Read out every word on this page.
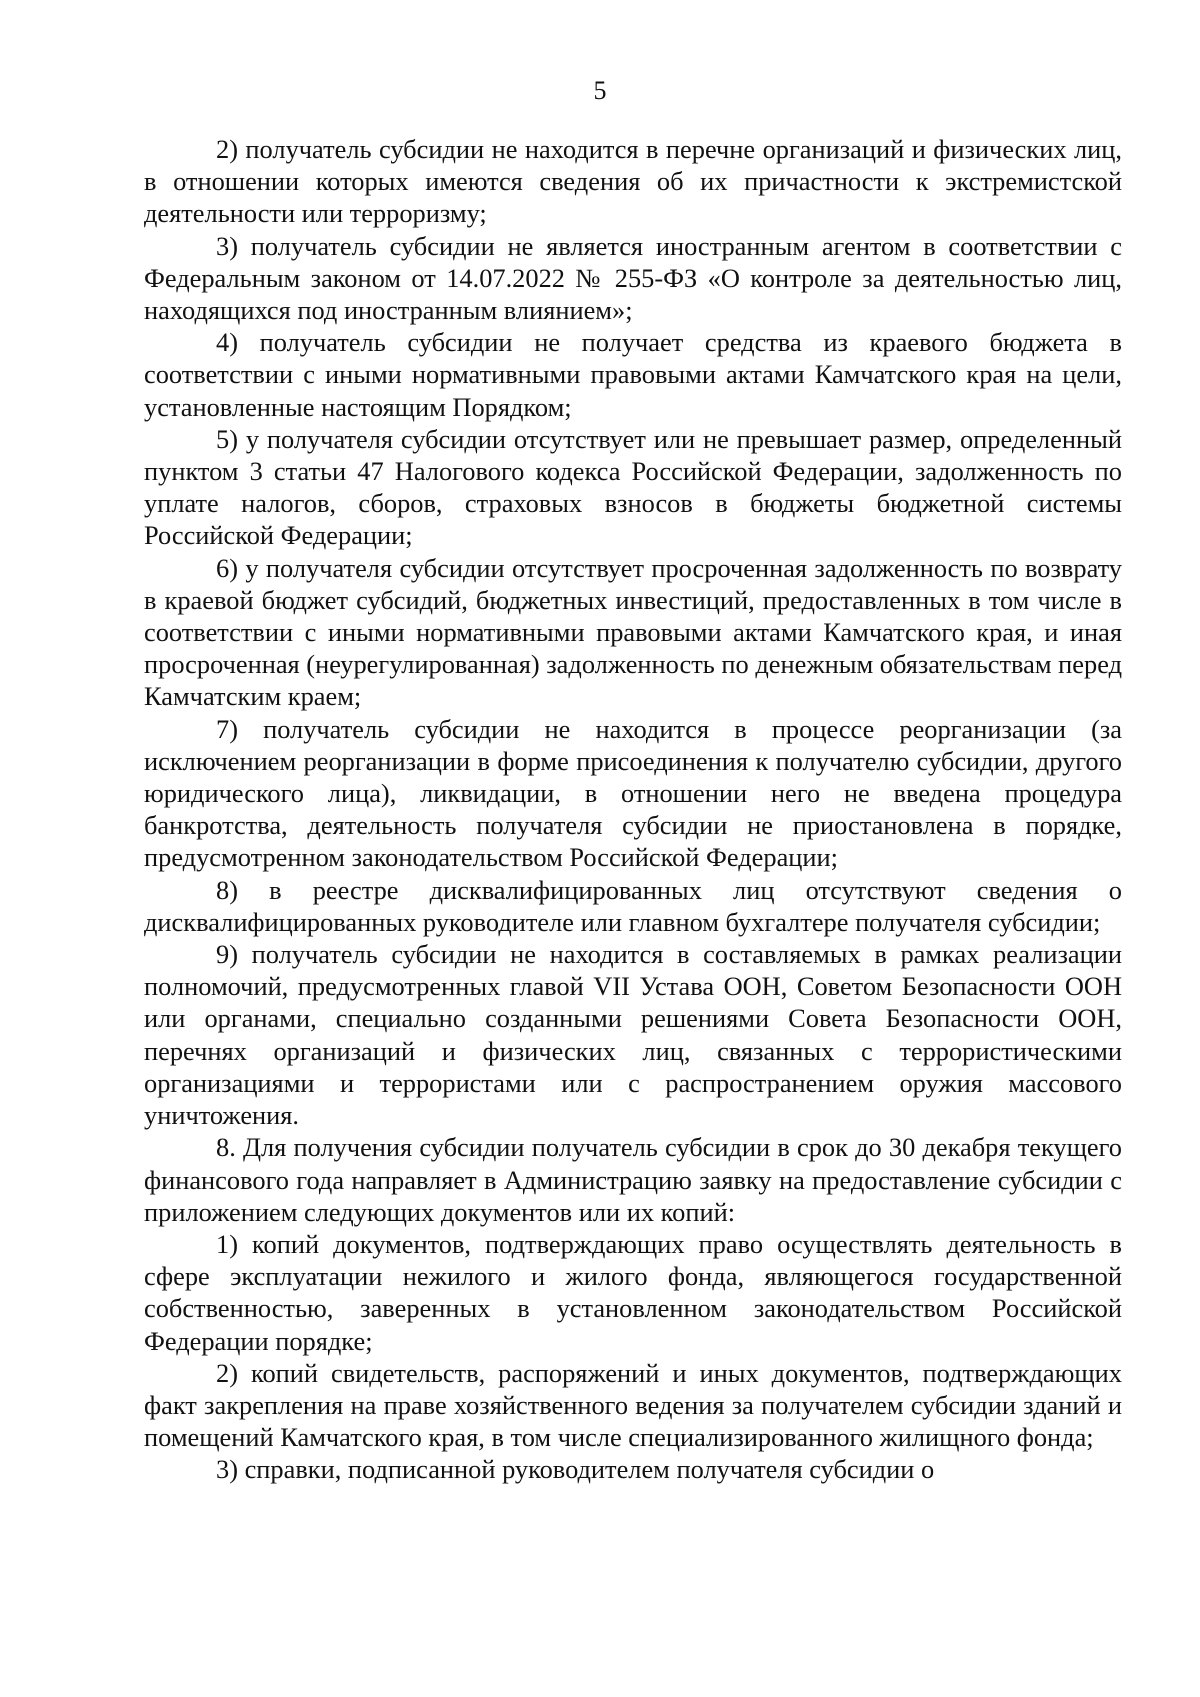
5

2) получатель субсидии не находится в перечне организаций и физических лиц, в отношении которых имеются сведения об их причастности к экстремистской деятельности или терроризму;

3) получатель субсидии не является иностранным агентом в соответствии с Федеральным законом от 14.07.2022 № 255-ФЗ «О контроле за деятельностью лиц, находящихся под иностранным влиянием»;

4) получатель субсидии не получает средства из краевого бюджета в соответствии с иными нормативными правовыми актами Камчатского края на цели, установленные настоящим Порядком;

5) у получателя субсидии отсутствует или не превышает размер, определенный пунктом 3 статьи 47 Налогового кодекса Российской Федерации, задолженность по уплате налогов, сборов, страховых взносов в бюджеты бюджетной системы Российской Федерации;

6) у получателя субсидии отсутствует просроченная задолженность по возврату в краевой бюджет субсидий, бюджетных инвестиций, предоставленных в том числе в соответствии с иными нормативными правовыми актами Камчатского края, и иная просроченная (неурегулированная) задолженность по денежным обязательствам перед Камчатским краем;

7) получатель субсидии не находится в процессе реорганизации (за исключением реорганизации в форме присоединения к получателю субсидии, другого юридического лица), ликвидации, в отношении него не введена процедура банкротства, деятельность получателя субсидии не приостановлена в порядке, предусмотренном законодательством Российской Федерации;

8) в реестре дисквалифицированных лиц отсутствуют сведения о дисквалифицированных руководителе или главном бухгалтере получателя субсидии;

9) получатель субсидии не находится в составляемых в рамках реализации полномочий, предусмотренных главой VII Устава ООН, Советом Безопасности ООН или органами, специально созданными решениями Совета Безопасности ООН, перечнях организаций и физических лиц, связанных с террористическими организациями и террористами или с распространением оружия массового уничтожения.

8. Для получения субсидии получатель субсидии в срок до 30 декабря текущего финансового года направляет в Администрацию заявку на предоставление субсидии с приложением следующих документов или их копий:

1) копий документов, подтверждающих право осуществлять деятельность в сфере эксплуатации нежилого и жилого фонда, являющегося государственной собственностью, заверенных в установленном законодательством Российской Федерации порядке;

2) копий свидетельств, распоряжений и иных документов, подтверждающих факт закрепления на праве хозяйственного ведения за получателем субсидии зданий и помещений Камчатского края, в том числе специализированного жилищного фонда;

3) справки, подписанной руководителем получателя субсидии о
